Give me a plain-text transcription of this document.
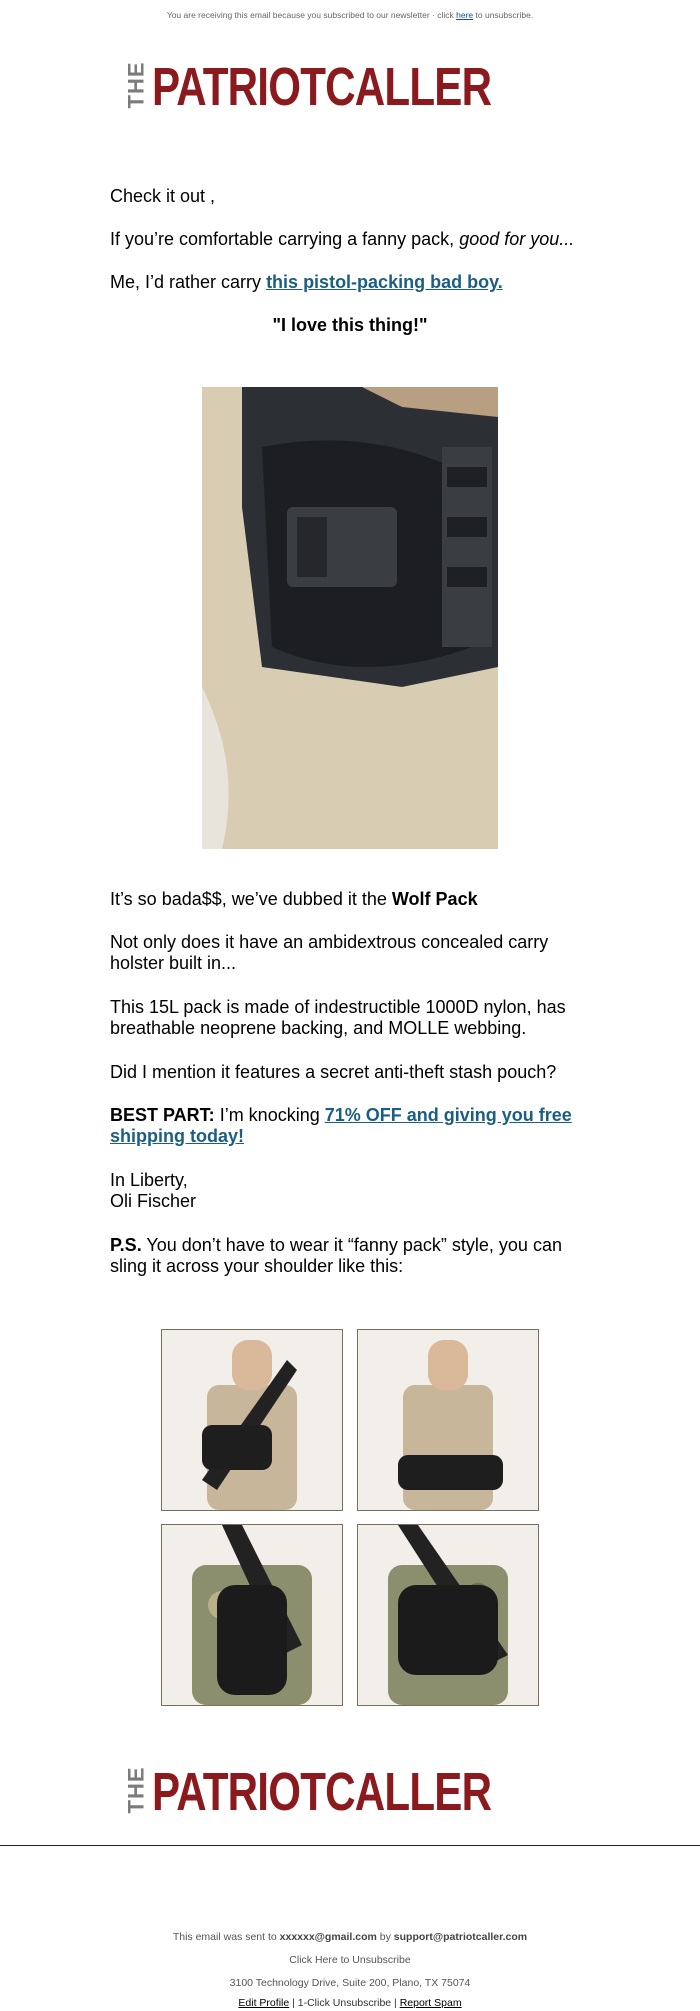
You are receiving this email because you subscribed to our newsletter · click here to unsubscribe.
THEPATRIOTCALLER
Check it out ,
If you’re comfortable carrying a fanny pack, good for you...
Me, I’d rather carry this pistol-packing bad boy.
"I love this thing!"
It’s so bada$$, we’ve dubbed it the Wolf Pack
Not only does it have an ambidextrous concealed carry holster built in...
This 15L pack is made of indestructible 1000D nylon, has breathable neoprene backing, and MOLLE webbing.
Did I mention it features a secret anti-theft stash pouch?
BEST PART: I’m knocking 71% OFF and giving you free shipping today!
In Liberty,
Oli Fischer
P.S. You don’t have to wear it “fanny pack” style, you can sling it across your shoulder like this:
THEPATRIOTCALLER
This email was sent to xxxxxx@gmail.com by support@patriotcaller.com
Click Here to Unsubscribe
3100 Technology Drive, Suite 200, Plano, TX 75074
Edit Profile | 1-Click Unsubscribe | Report Spam
